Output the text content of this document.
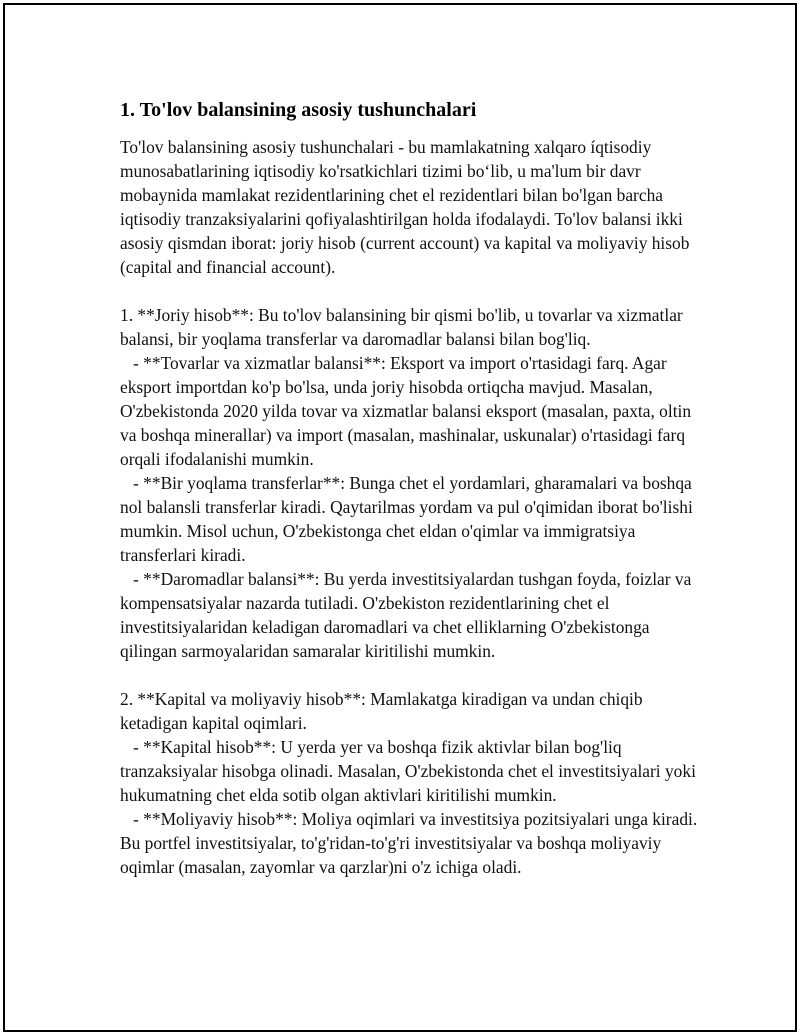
1. To'lov balansining asosiy tushunchalari

To'lov balansining asosiy tushunchalari - bu mamlakatning xalqaro íqtisodiy munosabatlarining iqtisodiy ko'rsatkichlari tizimi bo‘lib, u ma'lum bir davr mobaynida mamlakat rezidentlarining chet el rezidentlari bilan bo'lgan barcha iqtisodiy tranzaksiyalarini qofiyalashtirilgan holda ifodalaydi. To'lov balansi ikki asosiy qismdan iborat: joriy hisob (current account) va kapital va moliyaviy hisob (capital and financial account).

1. **Joriy hisob**: Bu to'lov balansining bir qismi bo'lib, u tovarlar va xizmatlar balansi, bir yoqlama transferlar va daromadlar balansi bilan bog'liq.

- **Tovarlar va xizmatlar balansi**: Eksport va import o'rtasidagi farq. Agar eksport importdan ko'p bo'lsa, unda joriy hisobda ortiqcha mavjud. Masalan, O'zbekistonda 2020 yilda tovar va xizmatlar balansi eksport (masalan, paxta, oltin va boshqa minerallar) va import (masalan, mashinalar, uskunalar) o'rtasidagi farq orqali ifodalanishi mumkin.

- **Bir yoqlama transferlar**: Bunga chet el yordamlari, gharamalari va boshqa nol balansli transferlar kiradi. Qaytarilmas yordam va pul o'qimidan iborat bo'lishi mumkin. Misol uchun, O'zbekistonga chet eldan o'qimlar va immigratsiya transferlari kiradi.

- **Daromadlar balansi**: Bu yerda investitsiyalardan tushgan foyda, foizlar va kompensatsiyalar nazarda tutiladi. O'zbekiston rezidentlarining chet el investitsiyalaridan keladigan daromadlari va chet elliklarning O'zbekistonga qilingan sarmoyalaridan samaralar kiritilishi mumkin.

2. **Kapital va moliyaviy hisob**: Mamlakatga kiradigan va undan chiqib ketadigan kapital oqimlari.

- **Kapital hisob**: U yerda yer va boshqa fizik aktivlar bilan bog'liq tranzaksiyalar hisobga olinadi. Masalan, O'zbekistonda chet el investitsiyalari yoki hukumatning chet elda sotib olgan aktivlari kiritilishi mumkin.

- **Moliyaviy hisob**: Moliya oqimlari va investitsiya pozitsiyalari unga kiradi. Bu portfel investitsiyalar, to'g'ridan-to'g'ri investitsiyalar va boshqa moliyaviy oqimlar (masalan, zayomlar va qarzlar)ni o'z ichiga oladi.
